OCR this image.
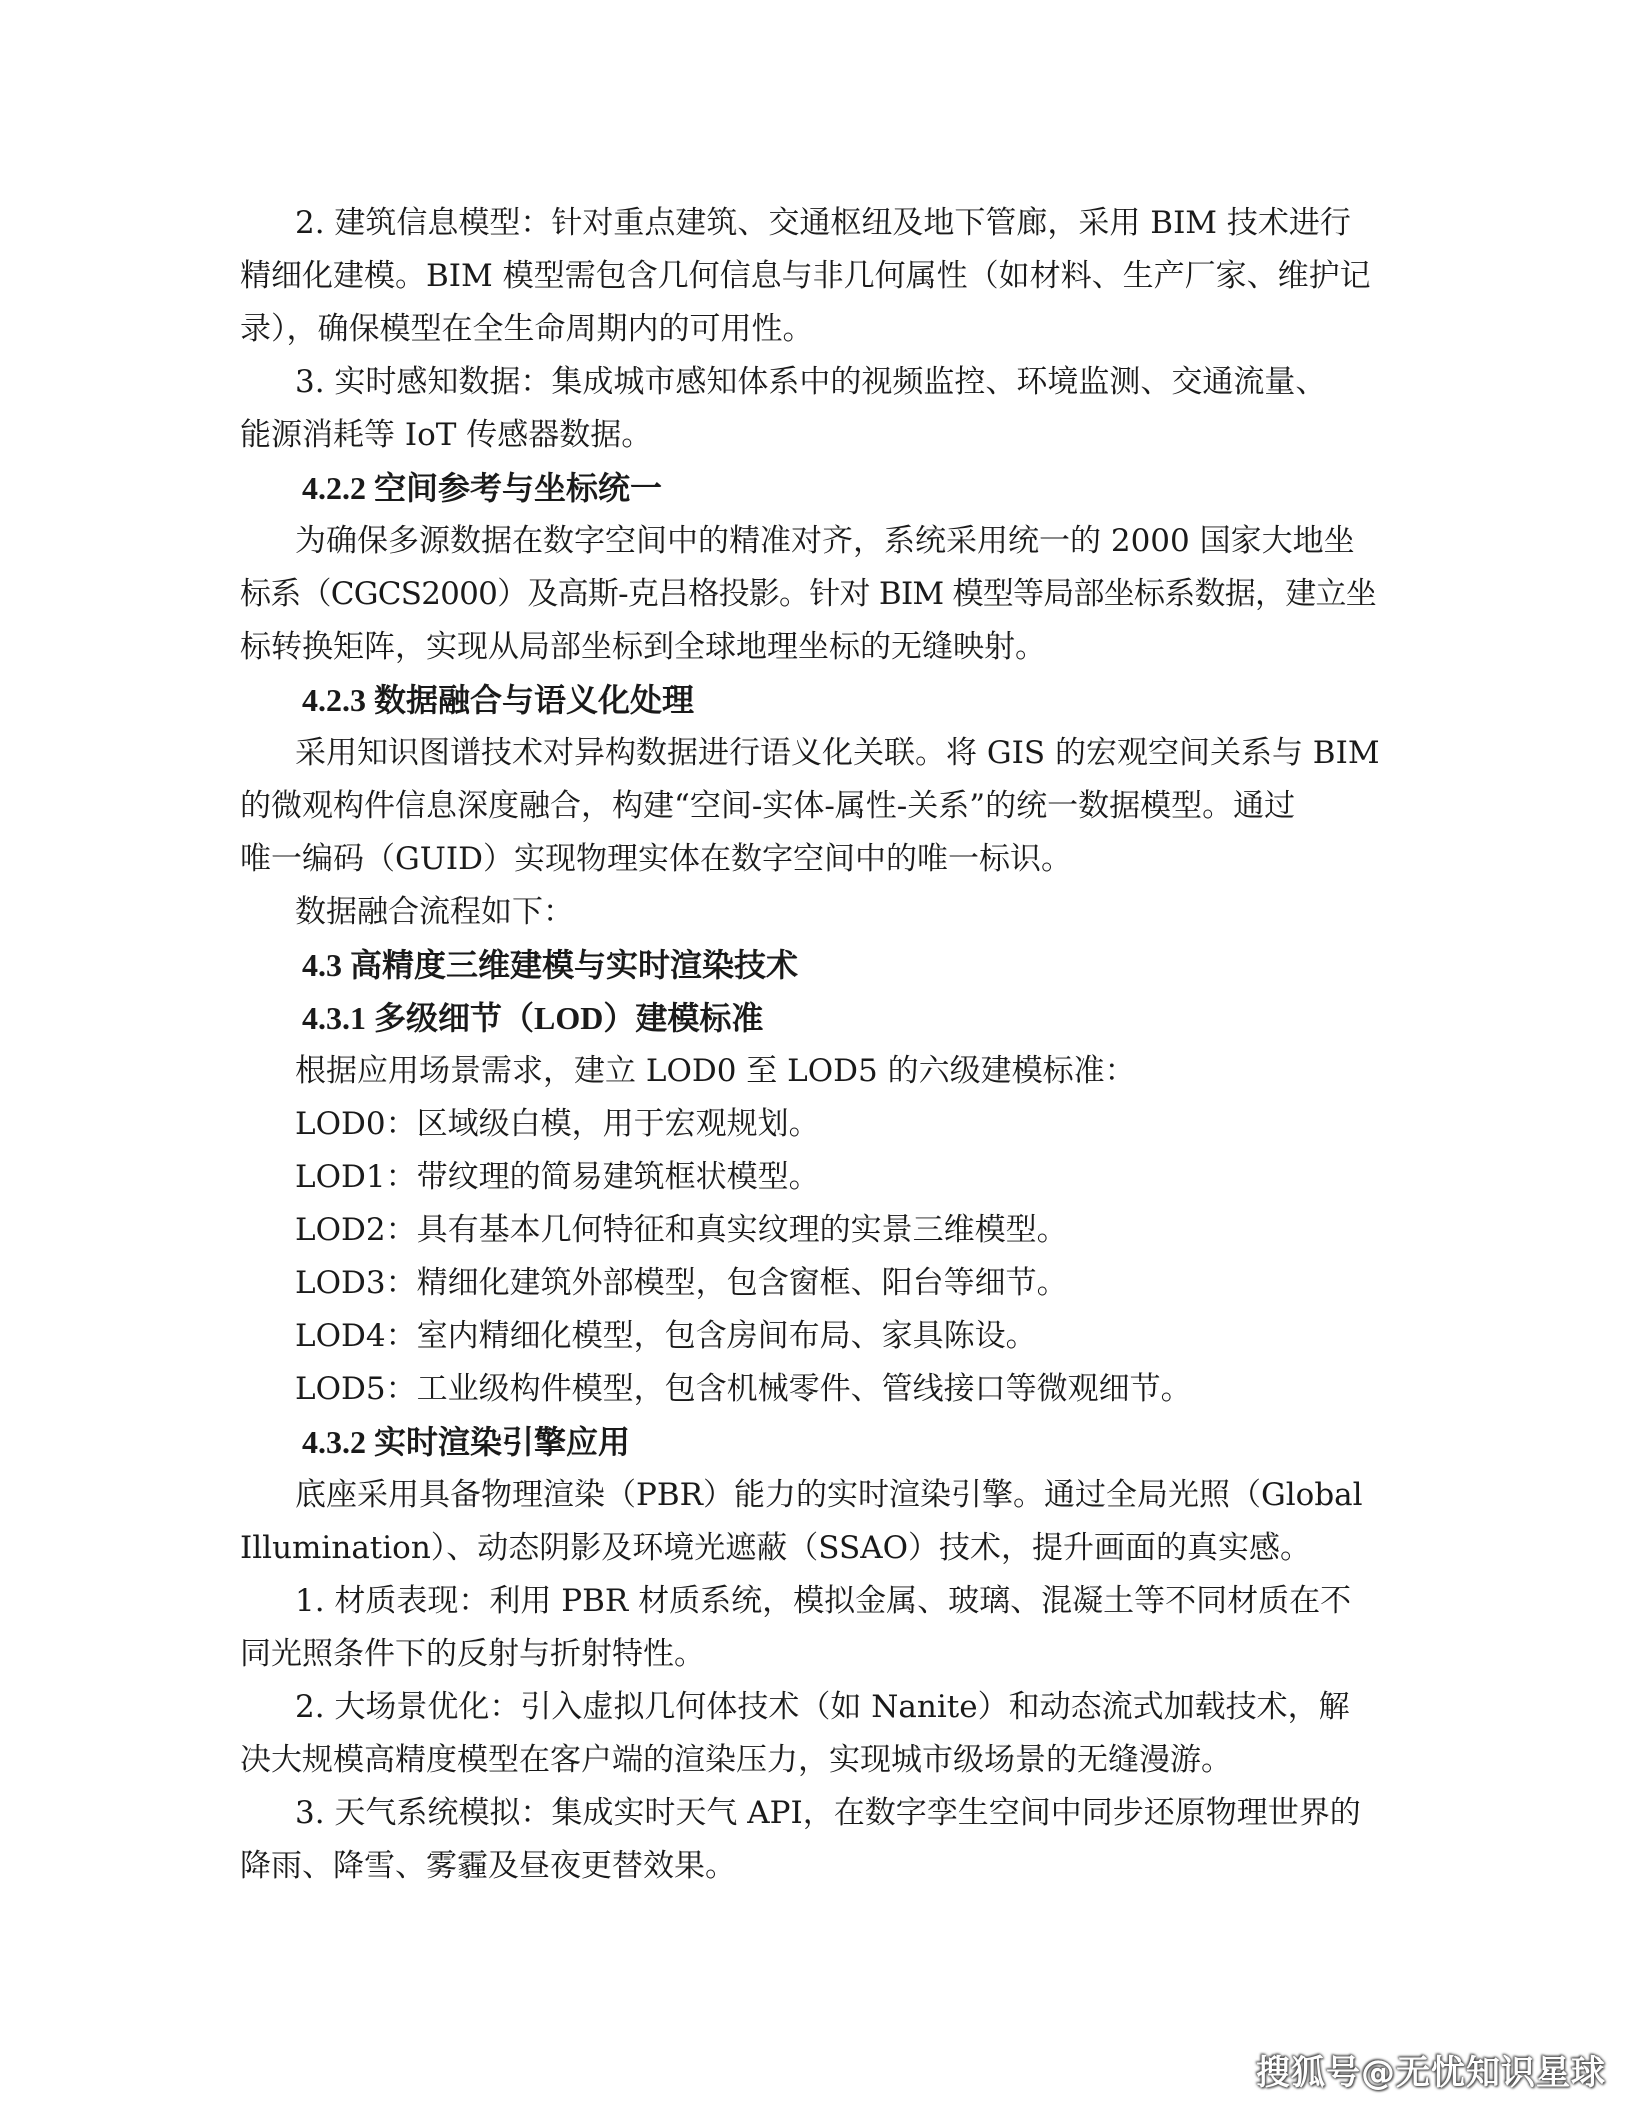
2. 建筑信息模型：针对重点建筑、交通枢纽及地下管廊，采用 BIM 技术进行
精细化建模。BIM 模型需包含几何信息与非几何属性（如材料、生产厂家、维护记
录），确保模型在全生命周期内的可用性。
3. 实时感知数据：集成城市感知体系中的视频监控、环境监测、交通流量、
能源消耗等 IoT 传感器数据。
4.2.2 空间参考与坐标统一
为确保多源数据在数字空间中的精准对齐，系统采用统一的 2000 国家大地坐
标系（CGCS2000）及高斯-克吕格投影。针对 BIM 模型等局部坐标系数据，建立坐
标转换矩阵，实现从局部坐标到全球地理坐标的无缝映射。
4.2.3 数据融合与语义化处理
采用知识图谱技术对异构数据进行语义化关联。将 GIS 的宏观空间关系与 BIM
的微观构件信息深度融合，构建“空间-实体-属性-关系”的统一数据模型。通过
唯一编码（GUID）实现物理实体在数字空间中的唯一标识。
数据融合流程如下：
4.3 高精度三维建模与实时渲染技术
4.3.1 多级细节（LOD）建模标准
根据应用场景需求，建立 LOD0 至 LOD5 的六级建模标准：
LOD0：区域级白模，用于宏观规划。
LOD1：带纹理的简易建筑框状模型。
LOD2：具有基本几何特征和真实纹理的实景三维模型。
LOD3：精细化建筑外部模型，包含窗框、阳台等细节。
LOD4：室内精细化模型，包含房间布局、家具陈设。
LOD5：工业级构件模型，包含机械零件、管线接口等微观细节。
4.3.2 实时渲染引擎应用
底座采用具备物理渲染（PBR）能力的实时渲染引擎。通过全局光照（Global
Illumination）、动态阴影及环境光遮蔽（SSAO）技术，提升画面的真实感。
1. 材质表现：利用 PBR 材质系统，模拟金属、玻璃、混凝土等不同材质在不
同光照条件下的反射与折射特性。
2. 大场景优化：引入虚拟几何体技术（如 Nanite）和动态流式加载技术，解
决大规模高精度模型在客户端的渲染压力，实现城市级场景的无缝漫游。
3. 天气系统模拟：集成实时天气 API，在数字孪生空间中同步还原物理世界的
降雨、降雪、雾霾及昼夜更替效果。
搜狐号@无忧知识星球
